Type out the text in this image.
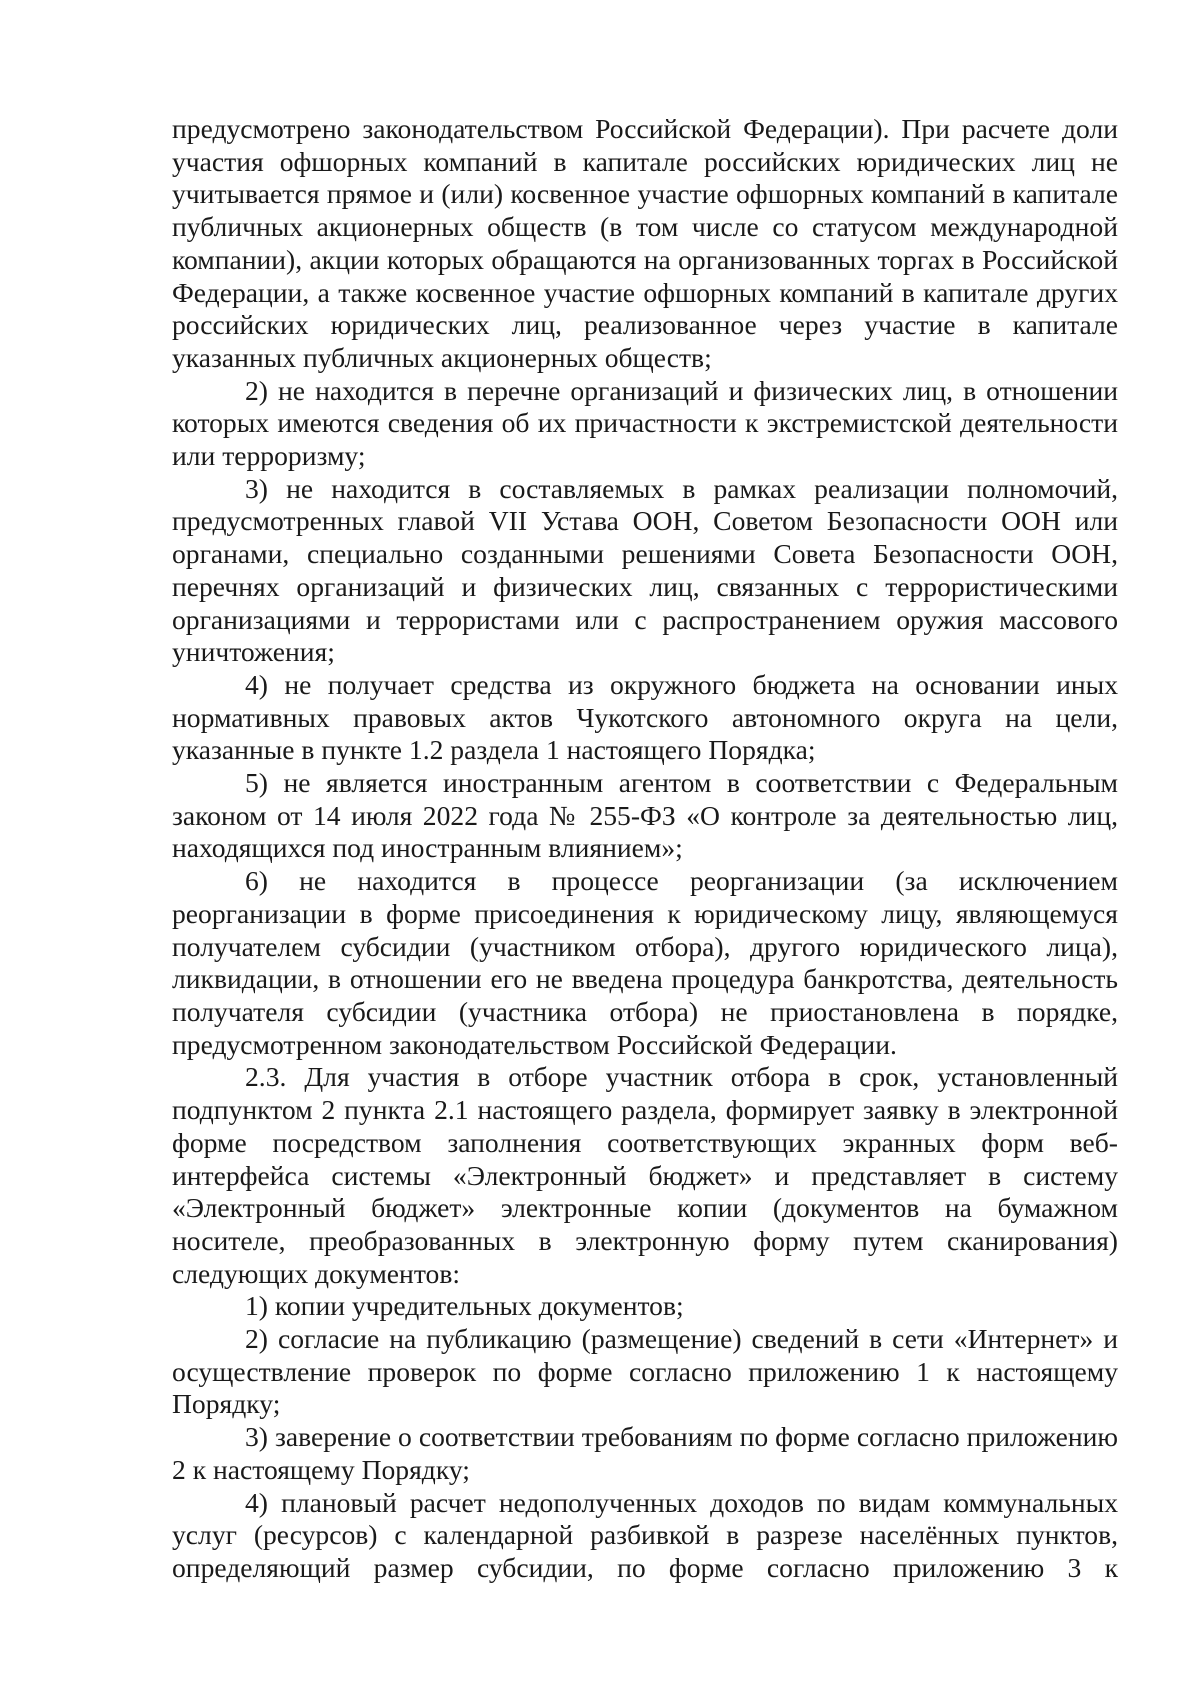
предусмотрено законодательством Российской Федерации). При расчете доли участия офшорных компаний в капитале российских юридических лиц не учитывается прямое и (или) косвенное участие офшорных компаний в капитале публичных акционерных обществ (в том числе со статусом международной компании), акции которых обращаются на организованных торгах в Российской Федерации, а также косвенное участие офшорных компаний в капитале других российских юридических лиц, реализованное через участие в капитале указанных публичных акционерных обществ;

2) не находится в перечне организаций и физических лиц, в отношении которых имеются сведения об их причастности к экстремистской деятельности или терроризму;

3) не находится в составляемых в рамках реализации полномочий, предусмотренных главой VII Устава ООН, Советом Безопасности ООН или органами, специально созданными решениями Совета Безопасности ООН, перечнях организаций и физических лиц, связанных с террористическими организациями и террористами или с распространением оружия массового уничтожения;

4) не получает средства из окружного бюджета на основании иных нормативных правовых актов Чукотского автономного округа на цели, указанные в пункте 1.2 раздела 1 настоящего Порядка;

5) не является иностранным агентом в соответствии с Федеральным законом от 14 июля 2022 года № 255-ФЗ «О контроле за деятельностью лиц, находящихся под иностранным влиянием»;

6) не находится в процессе реорганизации (за исключением реорганизации в форме присоединения к юридическому лицу, являющемуся получателем субсидии (участником отбора), другого юридического лица), ликвидации, в отношении его не введена процедура банкротства, деятельность получателя субсидии (участника отбора) не приостановлена в порядке, предусмотренном законодательством Российской Федерации.

2.3. Для участия в отборе участник отбора в срок, установленный подпунктом 2 пункта 2.1 настоящего раздела, формирует заявку в электронной форме посредством заполнения соответствующих экранных форм веб-интерфейса системы «Электронный бюджет» и представляет в систему «Электронный бюджет» электронные копии (документов на бумажном носителе, преобразованных в электронную форму путем сканирования) следующих документов:

1) копии учредительных документов;

2) согласие на публикацию (размещение) сведений в сети «Интернет» и осуществление проверок по форме согласно приложению 1 к настоящему Порядку;

3) заверение о соответствии требованиям по форме согласно приложению 2 к настоящему Порядку;

4) плановый расчет недополученных доходов по видам коммунальных услуг (ресурсов) с календарной разбивкой в разрезе населённых пунктов, определяющий размер субсидии, по форме согласно приложению 3 к
